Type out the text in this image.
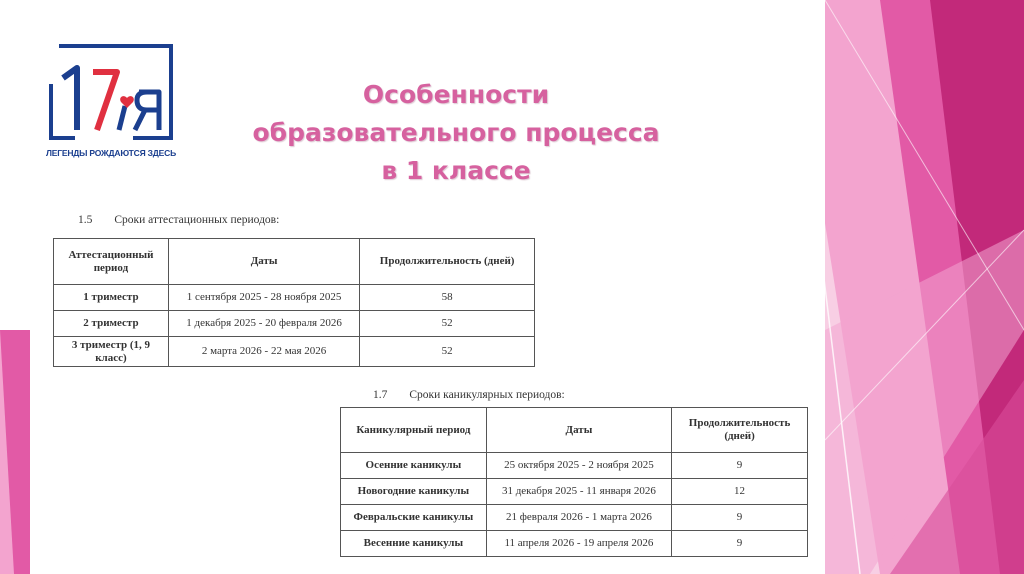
ЛЕГЕНДЫ РОЖДАЮТСЯ ЗДЕСЬ
Особенности
образовательного процесса
в 1 классе
1.5 Сроки аттестационных периодов:
Аттестационный период	Даты	Продолжительность (дней)
1 триместр	1 сентября 2025 - 28 ноября 2025	58
2 триместр	1 декабря 2025 - 20 февраля 2026	52
3 триместр (1, 9 класс)	2 марта 2026 - 22 мая 2026	52
1.7 Сроки каникулярных периодов:
Каникулярный период	Даты	Продолжительность (дней)
Осенние каникулы	25 октября 2025 - 2 ноября 2025	9
Новогодние каникулы	31 декабря 2025 - 11 января 2026	12
Февральские каникулы	21 февраля 2026 - 1 марта 2026	9
Весенние каникулы	11 апреля 2026 - 19 апреля 2026	9
